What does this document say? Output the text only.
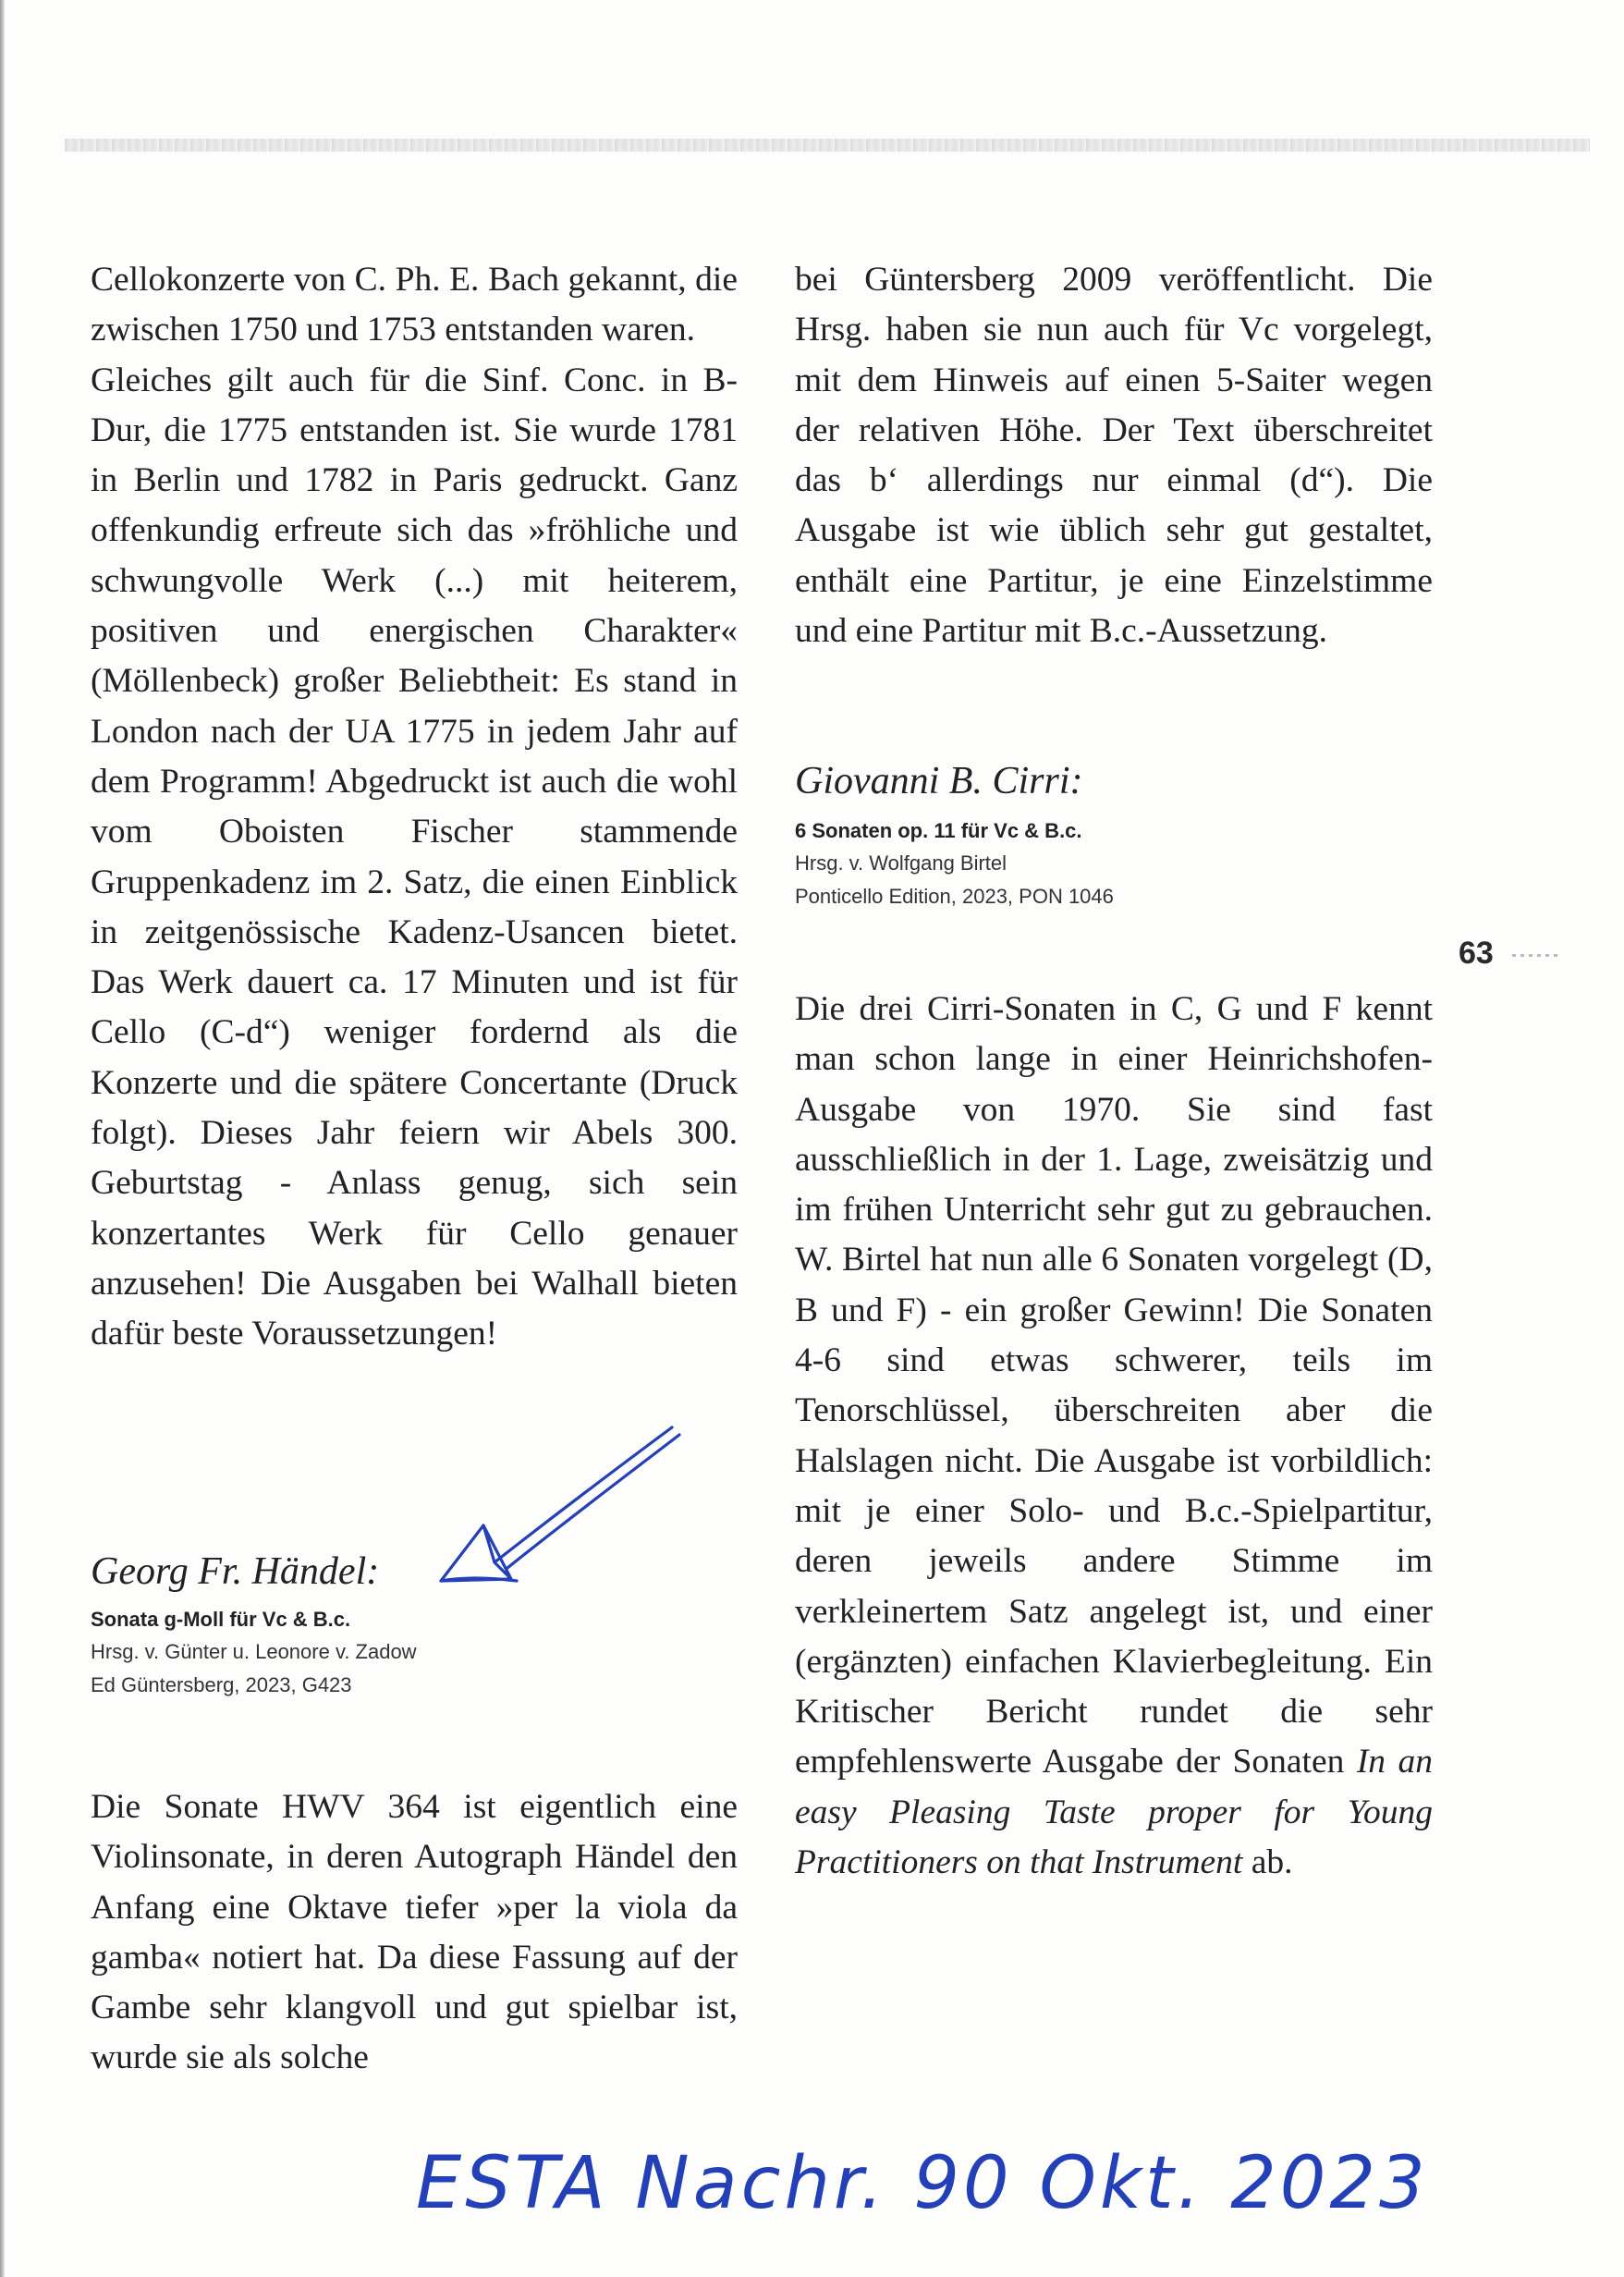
Cellokonzerte von C. Ph. E. Bach gekannt, die zwischen 1750 und 1753 entstanden waren.

Gleiches gilt auch für die Sinf. Conc. in B-Dur, die 1775 entstanden ist. Sie wurde 1781 in Berlin und 1782 in Paris gedruckt. Ganz offenkundig erfreute sich das »fröhliche und schwungvolle Werk (...) mit heiterem, positiven und energischen Charakter« (Möllenbeck) großer Beliebtheit: Es stand in London nach der UA 1775 in jedem Jahr auf dem Programm! Abgedruckt ist auch die wohl vom Oboisten Fischer stammende Gruppenkadenz im 2. Satz, die einen Einblick in zeitgenössische Kadenz-Usancen bietet. Das Werk dauert ca. 17 Minuten und ist für Cello (C-d“) weniger fordernd als die Konzerte und die spätere Concertante (Druck folgt). Dieses Jahr feiern wir Abels 300. Geburtstag - Anlass genug, sich sein konzertantes Werk für Cello genauer anzusehen! Die Ausgaben bei Walhall bieten dafür beste Voraussetzungen!

Georg Fr. Händel:

Sonata g-Moll für Vc & B.c.

Hrsg. v. Günter u. Leonore v. Zadow

Ed Güntersberg, 2023, G423

Die Sonate HWV 364 ist eigentlich eine Violinsonate, in deren Autograph Händel den Anfang eine Oktave tiefer »per la viola da gamba« notiert hat. Da diese Fassung auf der Gambe sehr klangvoll und gut spielbar ist, wurde sie als solche

bei Güntersberg 2009 veröffentlicht. Die Hrsg. haben sie nun auch für Vc vorgelegt, mit dem Hinweis auf einen 5-Saiter wegen der relativen Höhe. Der Text überschreitet das b‘ allerdings nur einmal (d“). Die Ausgabe ist wie üblich sehr gut gestaltet, enthält eine Partitur, je eine Einzelstimme und eine Partitur mit B.c.-Aussetzung.

Giovanni B. Cirri:

6 Sonaten op. 11 für Vc & B.c.

Hrsg. v. Wolfgang Birtel

Ponticello Edition, 2023, PON 1046

Die drei Cirri-Sonaten in C, G und F kennt man schon lange in einer Heinrichshofen-Ausgabe von 1970. Sie sind fast ausschließlich in der 1. Lage, zweisätzig und im frühen Unterricht sehr gut zu gebrauchen. W. Birtel hat nun alle 6 Sonaten vorgelegt (D, B und F) - ein großer Gewinn! Die Sonaten 4-6 sind etwas schwerer, teils im Tenorschlüssel, überschreiten aber die Halslagen nicht. Die Ausgabe ist vorbildlich: mit je einer Solo- und B.c.-Spielpartitur, deren jeweils andere Stimme im verkleinertem Satz angelegt ist, und einer (ergänzten) einfachen Klavierbegleitung. Ein Kritischer Bericht rundet die sehr empfehlenswerte Ausgabe der Sonaten In an easy Pleasing Taste proper for Young Practitioners on that Instrument ab.

63
ESTA Nachr. 90 Okt. 2023
